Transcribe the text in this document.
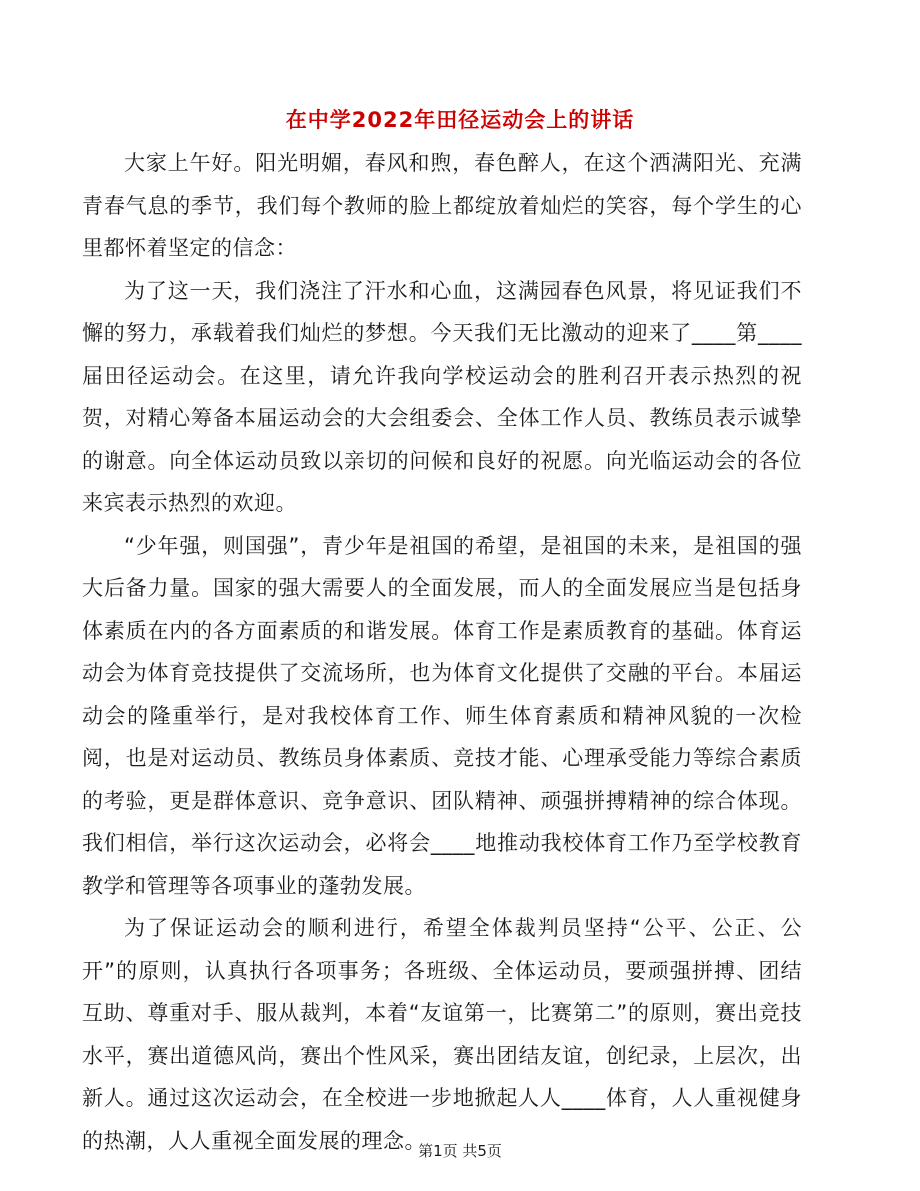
在中学2022年田径运动会上的讲话

大家上午好。阳光明媚，春风和煦，春色醉人，在这个洒满阳光、充满青春气息的季节，我们每个教师的脸上都绽放着灿烂的笑容，每个学生的心里都怀着坚定的信念：

为了这一天，我们浇注了汗水和心血，这满园春色风景，将见证我们不懈的努力，承载着我们灿烂的梦想。今天我们无比激动的迎来了____第____届田径运动会。在这里，请允许我向学校运动会的胜利召开表示热烈的祝贺，对精心筹备本届运动会的大会组委会、全体工作人员、教练员表示诚挚的谢意。向全体运动员致以亲切的问候和良好的祝愿。向光临运动会的各位来宾表示热烈的欢迎。

“少年强，则国强”，青少年是祖国的希望，是祖国的未来，是祖国的强大后备力量。国家的强大需要人的全面发展，而人的全面发展应当是包括身体素质在内的各方面素质的和谐发展。体育工作是素质教育的基础。体育运动会为体育竞技提供了交流场所，也为体育文化提供了交融的平台。本届运动会的隆重举行，是对我校体育工作、师生体育素质和精神风貌的一次检阅，也是对运动员、教练员身体素质、竞技才能、心理承受能力等综合素质的考验，更是群体意识、竞争意识、团队精神、顽强拼搏精神的综合体现。我们相信，举行这次运动会，必将会____地推动我校体育工作乃至学校教育教学和管理等各项事业的蓬勃发展。

为了保证运动会的顺利进行，希望全体裁判员坚持“公平、公正、公开”的原则，认真执行各项事务；各班级、全体运动员，要顽强拼搏、团结互助、尊重对手、服从裁判，本着“友谊第一，比赛第二”的原则，赛出竞技水平，赛出道德风尚，赛出个性风采，赛出团结友谊，创纪录，上层次，出新人。通过这次运动会，在全校进一步地掀起人人____体育，人人重视健身的热潮，人人重视全面发展的理念。

第1页 共5页
